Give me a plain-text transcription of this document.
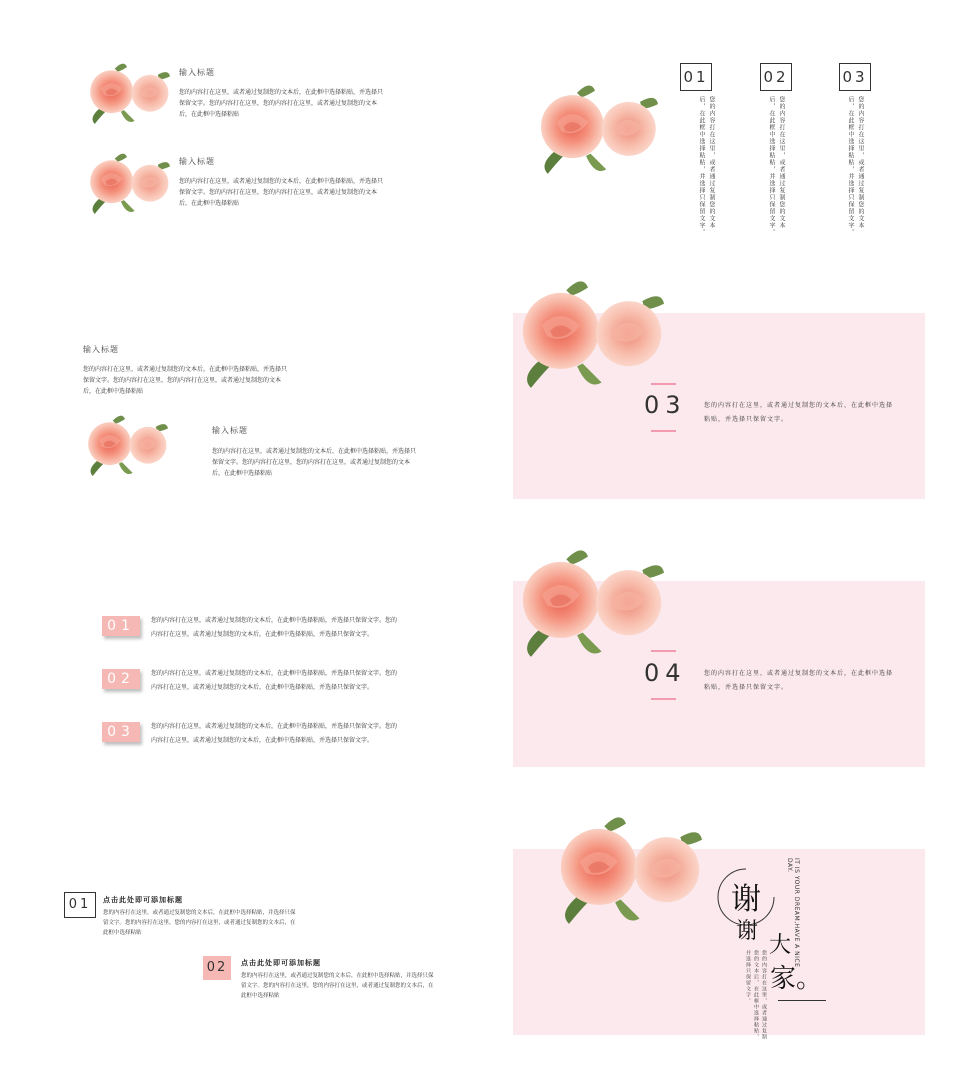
输入标题
您的内容打在这里，或者通过复制您的文本后，在此框中选择粘贴，并选择只保留文字。您的内容打在这里，您的内容打在这里，或者通过复制您的文本后，在此框中选择粘贴
输入标题
您的内容打在这里，或者通过复制您的文本后，在此框中选择粘贴，并选择只保留文字。您的内容打在这里，您的内容打在这里，或者通过复制您的文本后，在此框中选择粘贴
01
您的内容打在这里，或者通过复制您的文本后，在此框中选择粘贴，并选择只保留文字。
02
您的内容打在这里，或者通过复制您的文本后，在此框中选择粘贴，并选择只保留文字。
03
您的内容打在这里，或者通过复制您的文本后，在此框中选择粘贴，并选择只保留文字。
输入标题
您的内容打在这里，或者通过复制您的文本后，在此框中选择粘贴，并选择只保留文字。您的内容打在这里，您的内容打在这里，或者通过复制您的文本后，在此框中选择粘贴
输入标题
您的内容打在这里，或者通过复制您的文本后，在此框中选择粘贴，并选择只保留文字。您的内容打在这里，您的内容打在这里，或者通过复制您的文本后，在此框中选择粘贴
03	您的内容打在这里，或者通过复制您的文本后，在此框中选择粘贴，并选择只保留文字。
01	您的内容打在这里，或者通过复制您的文本后，在此框中选择粘贴，并选择只保留文字。您的内容打在这里，或者通过复制您的文本后，在此框中选择粘贴，并选择只保留文字。
02	您的内容打在这里，或者通过复制您的文本后，在此框中选择粘贴，并选择只保留文字。您的内容打在这里，或者通过复制您的文本后，在此框中选择粘贴，并选择只保留文字。
03	您的内容打在这里，或者通过复制您的文本后，在此框中选择粘贴，并选择只保留文字。您的内容打在这里，或者通过复制您的文本后，在此框中选择粘贴，并选择只保留文字。
04	您的内容打在这里，或者通过复制您的文本后，在此框中选择粘贴，并选择只保留文字。
01	点击此处即可添加标题
您的内容打在这里，或者通过复制您的文本后，在此框中选择粘贴，并选择只保留文字。您的内容打在这里，您的内容打在这里，或者通过复制您的文本后，在此框中选择粘贴
02	点击此处即可添加标题
您的内容打在这里，或者通过复制您的文本后，在此框中选择粘贴，并选择只保留文字。您的内容打在这里，您的内容打在这里，或者通过复制您的文本后，在此框中选择粘贴
谢
谢
大
家。
IT IS YOUR DREAM,HAVE A NICE DAY.
您的内容打在这里，或者通过复制您的文本后，在此框中选择粘贴，并选择只保留文字。
